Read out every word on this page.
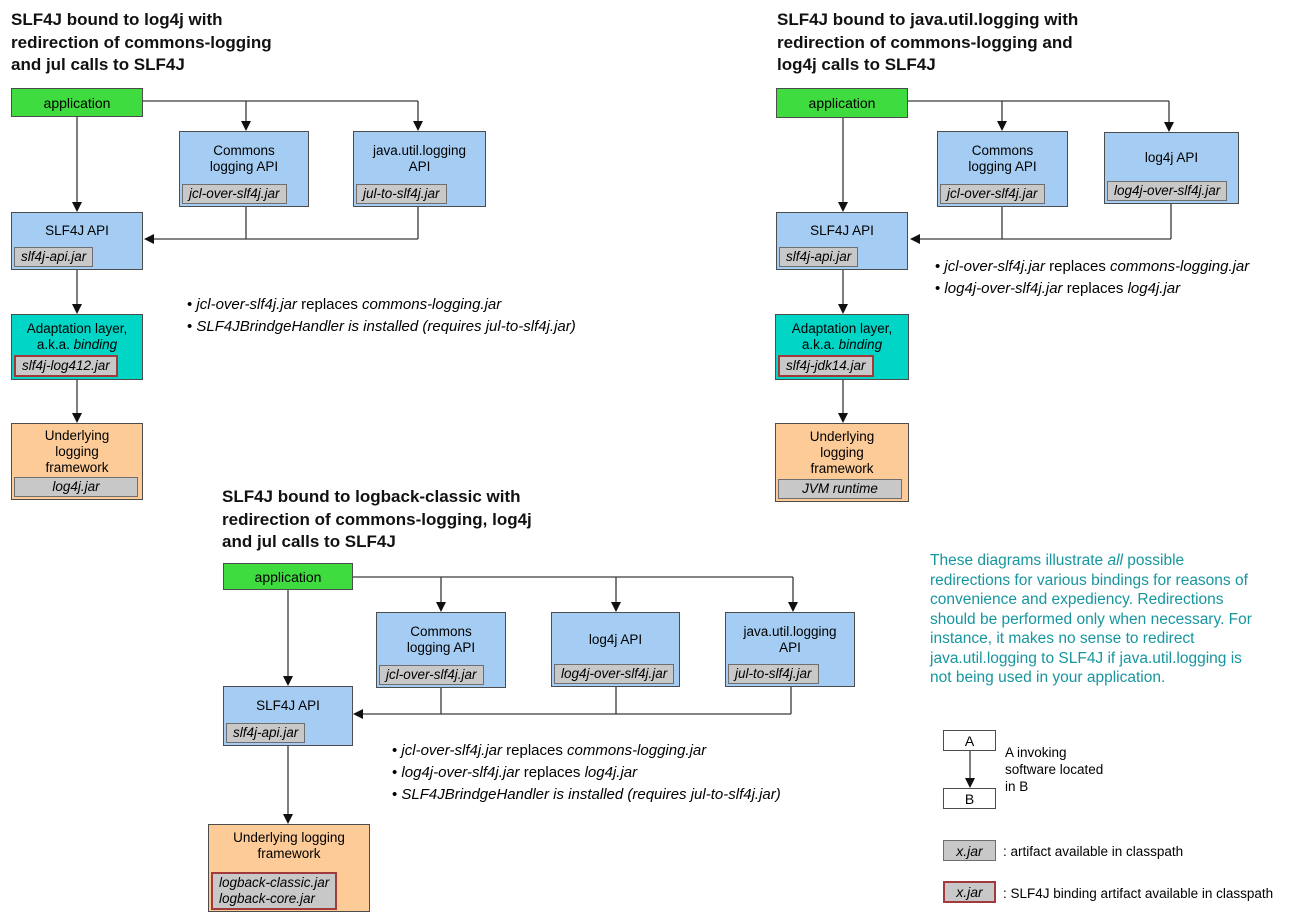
SLF4J bound to log4j with
redirection of commons-logging
and jul calls to SLF4J
application
Commons
logging API
jcl-over-slf4j.jar
java.util.logging
API
jul-to-slf4j.jar
SLF4J API
slf4j-api.jar
Adaptation layer,
a.k.a. binding
slf4j-log412.jar
Underlying
logging
framework
log4j.jar
• jcl-over-slf4j.jar replaces commons-logging.jar
• SLF4JBrindgeHandler is installed (requires jul-to-slf4j.jar)
SLF4J bound to java.util.logging with
redirection of commons-logging and
log4j calls to SLF4J
application
Commons
logging API
jcl-over-slf4j.jar
log4j API
log4j-over-slf4j.jar
SLF4J API
slf4j-api.jar
Adaptation layer,
a.k.a. binding
slf4j-jdk14.jar
Underlying
logging
framework
JVM runtime
• jcl-over-slf4j.jar replaces commons-logging.jar
• log4j-over-slf4j.jar replaces log4j.jar
SLF4J bound to logback-classic with
redirection of commons-logging, log4j
and jul calls to SLF4J
application
Commons
logging API
jcl-over-slf4j.jar
log4j API
log4j-over-slf4j.jar
java.util.logging
API
jul-to-slf4j.jar
SLF4J API
slf4j-api.jar
Underlying logging
framework
logback-classic.jar
logback-core.jar
• jcl-over-slf4j.jar replaces commons-logging.jar
• log4j-over-slf4j.jar replaces log4j.jar
• SLF4JBrindgeHandler is installed (requires jul-to-slf4j.jar)
These diagrams illustrate all possible
redirections for various bindings for reasons of
convenience and expediency. Redirections
should be performed only when necessary. For
instance, it makes no sense to redirect
java.util.logging to SLF4J if java.util.logging is
not being used in your application.
A
B
A invoking
software located
in B
x.jar : artifact available in classpath
x.jar : SLF4J binding artifact available in classpath
